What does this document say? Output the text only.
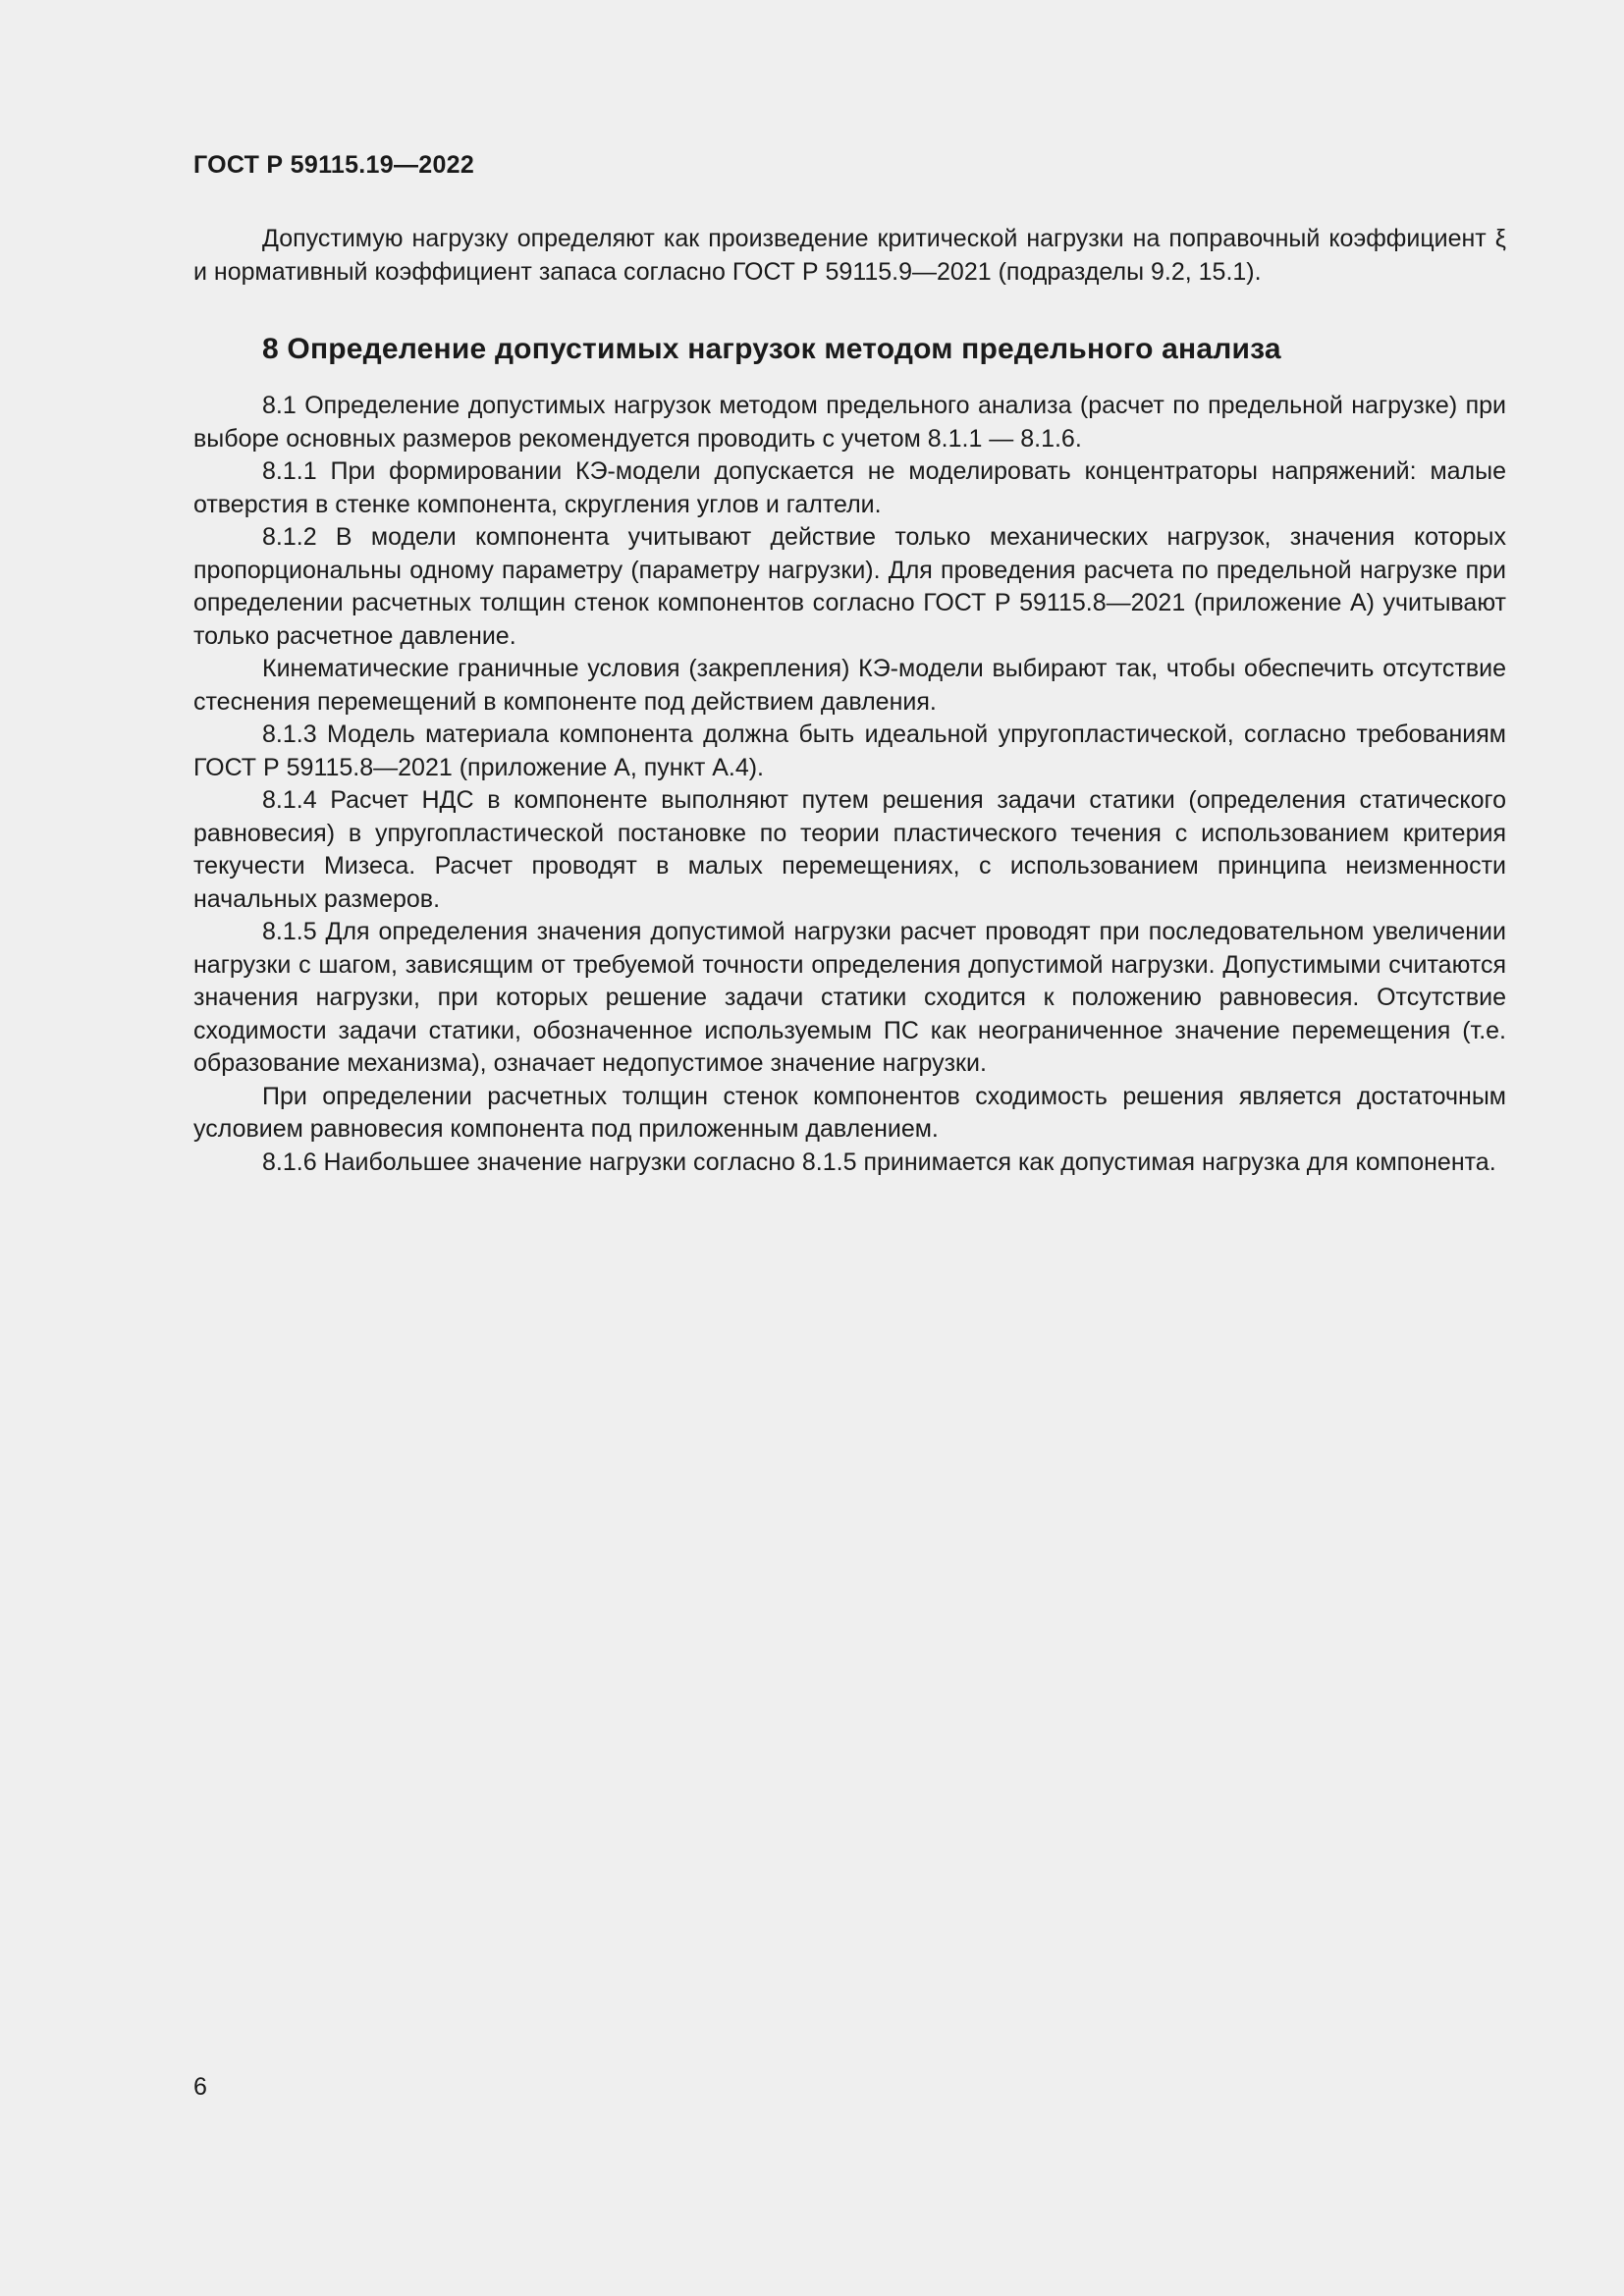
ГОСТ Р 59115.19—2022

Допустимую нагрузку определяют как произведение критической нагрузки на поправочный коэффициент ξ и нормативный коэффициент запаса согласно ГОСТ Р 59115.9—2021 (подразделы 9.2, 15.1).

8 Определение допустимых нагрузок методом предельного анализа

8.1 Определение допустимых нагрузок методом предельного анализа (расчет по предельной нагрузке) при выборе основных размеров рекомендуется проводить с учетом 8.1.1 — 8.1.6.

8.1.1 При формировании КЭ-модели допускается не моделировать концентраторы напряжений: малые отверстия в стенке компонента, скругления углов и галтели.

8.1.2 В модели компонента учитывают действие только механических нагрузок, значения которых пропорциональны одному параметру (параметру нагрузки). Для проведения расчета по предельной нагрузке при определении расчетных толщин стенок компонентов согласно ГОСТ Р 59115.8—2021 (приложение А) учитывают только расчетное давление.

Кинематические граничные условия (закрепления) КЭ-модели выбирают так, чтобы обеспечить отсутствие стеснения перемещений в компоненте под действием давления.

8.1.3 Модель материала компонента должна быть идеальной упругопластической, согласно требованиям ГОСТ Р 59115.8—2021 (приложение А, пункт А.4).

8.1.4 Расчет НДС в компоненте выполняют путем решения задачи статики (определения статического равновесия) в упругопластической постановке по теории пластического течения с использованием критерия текучести Мизеса. Расчет проводят в малых перемещениях, с использованием принципа неизменности начальных размеров.

8.1.5 Для определения значения допустимой нагрузки расчет проводят при последовательном увеличении нагрузки с шагом, зависящим от требуемой точности определения допустимой нагрузки. Допустимыми считаются значения нагрузки, при которых решение задачи статики сходится к положению равновесия. Отсутствие сходимости задачи статики, обозначенное используемым ПС как неограниченное значение перемещения (т.е. образование механизма), означает недопустимое значение нагрузки.

При определении расчетных толщин стенок компонентов сходимость решения является достаточным условием равновесия компонента под приложенным давлением.

8.1.6 Наибольшее значение нагрузки согласно 8.1.5 принимается как допустимая нагрузка для компонента.

6
